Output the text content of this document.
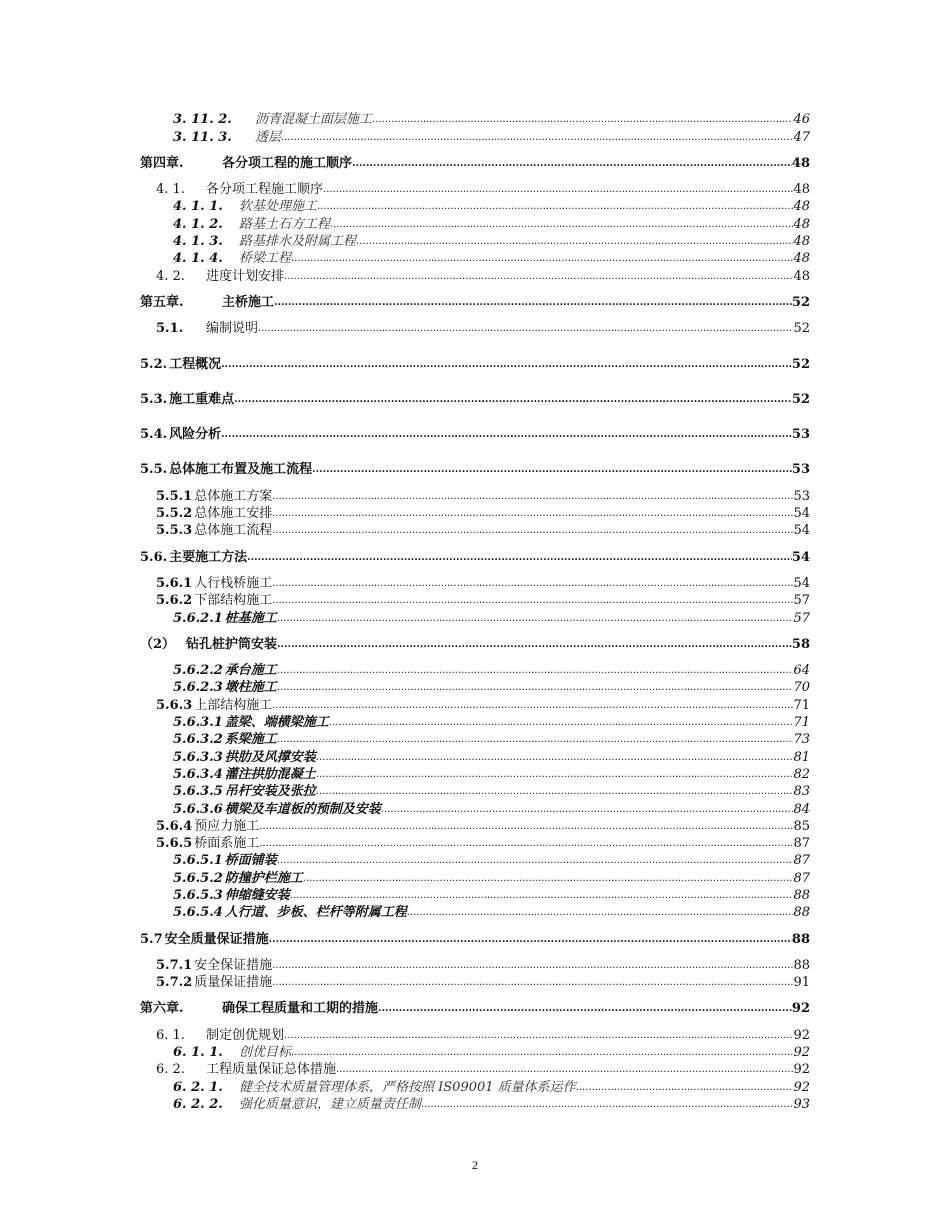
3. 11. 2.	沥青混凝土面层施工 .....	46
3. 11. 3.	透层 .....	47
第四章.	各分项工程的施工顺序 .....	48
4. 1.	各分项工程施工顺序 .....	48
4. 1. 1.	软基处理施工 .....	48
4. 1. 2.	路基土石方工程 .....	48
4. 1. 3.	路基排水及附属工程 .....	48
4. 1. 4.	桥梁工程 .....	48
4. 2.	进度计划安排 .....	48
第五章.	主桥施工 .....	52
5.1.	编制说明 .....	52
5.2. 工程概况 .....	52
5.3. 施工重难点 .....	52
5.4. 风险分析 .....	53
5.5. 总体施工布置及施工流程 .....	53
5.5.1 总体施工方案 .....	53
5.5.2 总体施工安排 .....	54
5.5.3 总体施工流程 .....	54
5.6. 主要施工方法 .....	54
5.6.1 人行栈桥施工 .....	54
5.6.2 下部结构施工 .....	57
5.6.2.1 桩基施工 .....	57
（2） 钻孔桩护筒安装 .....	58
5.6.2.2 承台施工 .....	64
5.6.2.3 墩柱施工 .....	70
5.6.3 上部结构施工 .....	71
5.6.3.1 盖梁、端横梁施工 .....	71
5.6.3.2 系梁施工 .....	73
5.6.3.3 拱肋及风撑安装 .....	81
5.6.3.4 灌注拱肋混凝土 .....	82
5.6.3.5 吊杆安装及张拉 .....	83
5.6.3.6 横梁及车道板的预制及安装 .....	84
5.6.4 预应力施工 .....	85
5.6.5 桥面系施工 .....	87
5.6.5.1 桥面铺装 .....	87
5.6.5.2 防撞护栏施工 .....	87
5.6.5.3 伸缩缝安装 .....	88
5.6.5.4 人行道、步板、栏杆等附属工程 .....	88
5.7 安全质量保证措施 .....	88
5.7.1 安全保证措施 .....	88
5.7.2 质量保证措施 .....	91
第六章.	确保工程质量和工期的措施 .....	92
6. 1.	制定创优规划 .....	92
6. 1. 1.	创优目标 .....	92
6. 2.	工程质量保证总体措施 .....	92
6. 2. 1.	健全技术质量管理体系，严格按照 IS09001 质量体系运作 .....	92
6. 2. 2.	强化质量意识，建立质量责任制 .....	93
2
